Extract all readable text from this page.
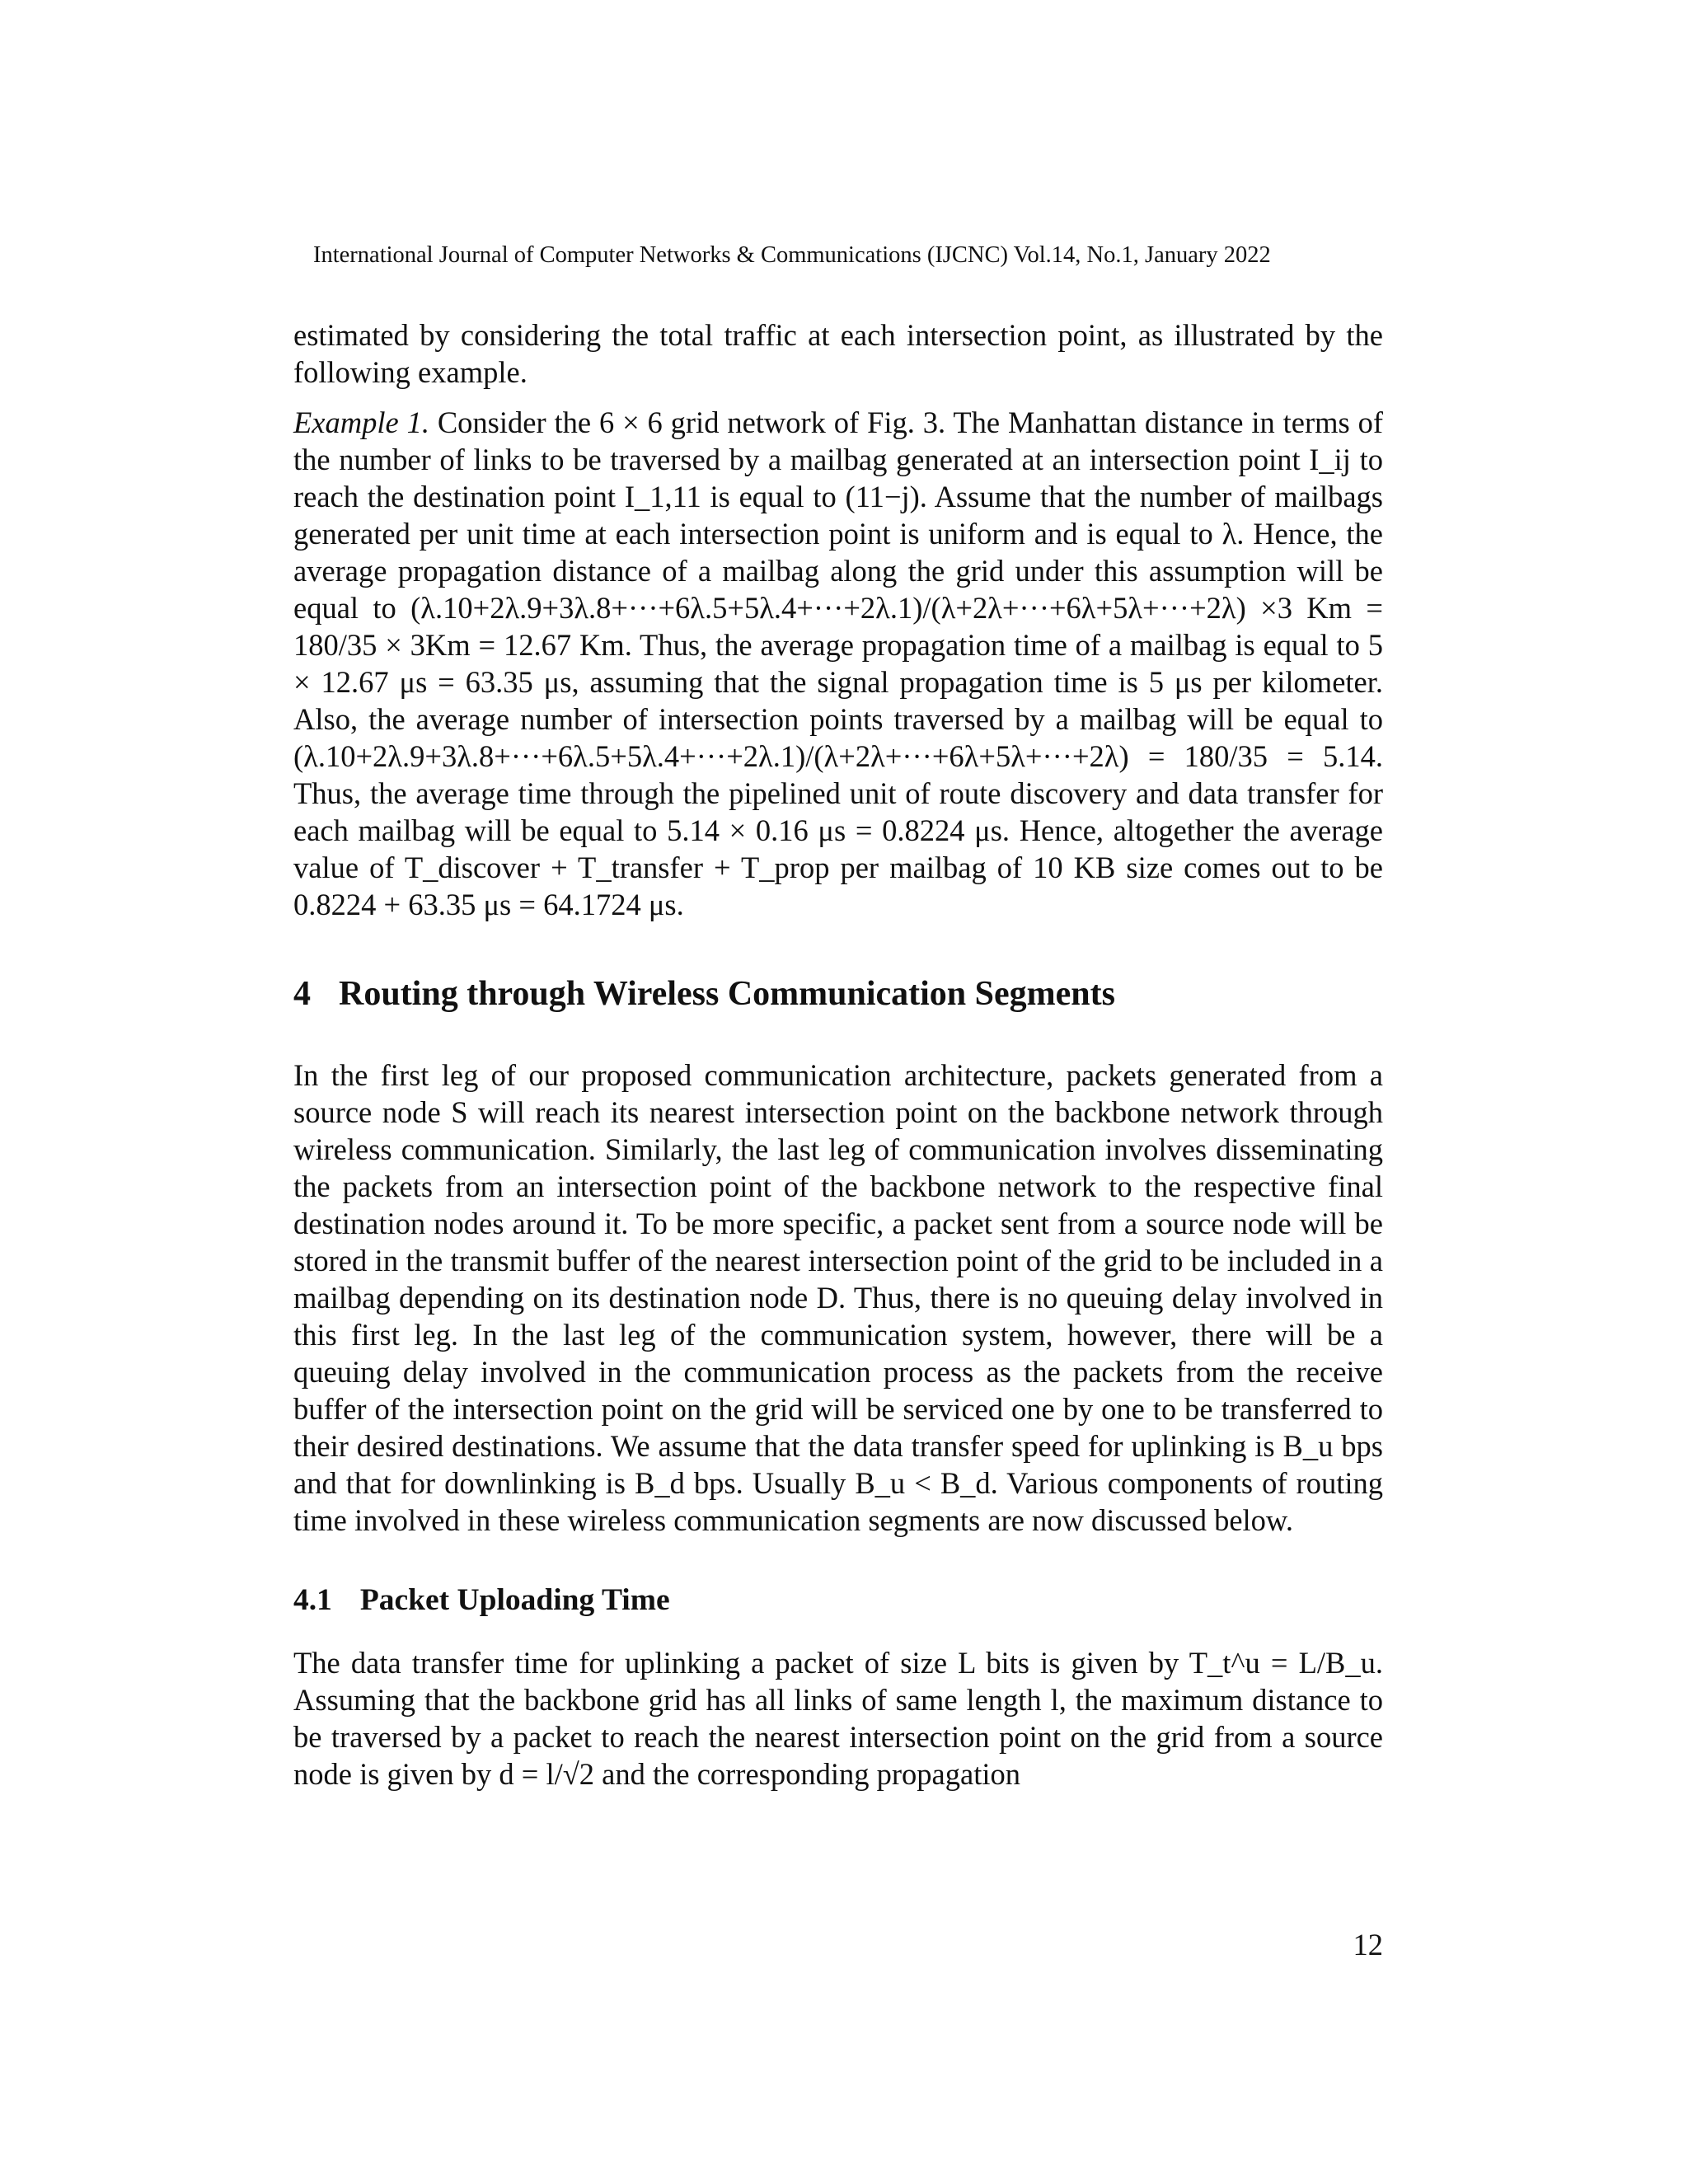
International Journal of Computer Networks & Communications (IJCNC) Vol.14, No.1, January 2022

estimated by considering the total traffic at each intersection point, as illustrated by the following example.

Example 1. Consider the 6 × 6 grid network of Fig. 3. The Manhattan distance in terms of the number of links to be traversed by a mailbag generated at an intersection point I_ij to reach the destination point I_1,11 is equal to (11−j). Assume that the number of mailbags generated per unit time at each intersection point is uniform and is equal to λ. Hence, the average propagation distance of a mailbag along the grid under this assumption will be equal to (λ.10+2λ.9+3λ.8+···+6λ.5+5λ.4+···+2λ.1)/(λ+2λ+···+6λ+5λ+···+2λ) ×3 Km = 180/35 × 3Km = 12.67 Km. Thus, the average propagation time of a mailbag is equal to 5 × 12.67 μs = 63.35 μs, assuming that the signal propagation time is 5 μs per kilometer. Also, the average number of intersection points traversed by a mailbag will be equal to (λ.10+2λ.9+3λ.8+···+6λ.5+5λ.4+···+2λ.1)/(λ+2λ+···+6λ+5λ+···+2λ) = 180/35 = 5.14. Thus, the average time through the pipelined unit of route discovery and data transfer for each mailbag will be equal to 5.14 × 0.16 μs = 0.8224 μs. Hence, altogether the average value of T_discover + T_transfer + T_prop per mailbag of 10 KB size comes out to be 0.8224 + 63.35 μs = 64.1724 μs.

4 Routing through Wireless Communication Segments

In the first leg of our proposed communication architecture, packets generated from a source node S will reach its nearest intersection point on the backbone network through wireless communication. Similarly, the last leg of communication involves disseminating the packets from an intersection point of the backbone network to the respective final destination nodes around it. To be more specific, a packet sent from a source node will be stored in the transmit buffer of the nearest intersection point of the grid to be included in a mailbag depending on its destination node D. Thus, there is no queuing delay involved in this first leg. In the last leg of the communication system, however, there will be a queuing delay involved in the communication process as the packets from the receive buffer of the intersection point on the grid will be serviced one by one to be transferred to their desired destinations. We assume that the data transfer speed for uplinking is B_u bps and that for downlinking is B_d bps. Usually B_u < B_d. Various components of routing time involved in these wireless communication segments are now discussed below.

4.1 Packet Uploading Time

The data transfer time for uplinking a packet of size L bits is given by T_t^u = L/B_u. Assuming that the backbone grid has all links of same length l, the maximum distance to be traversed by a packet to reach the nearest intersection point on the grid from a source node is given by d = l/√2 and the corresponding propagation

12
